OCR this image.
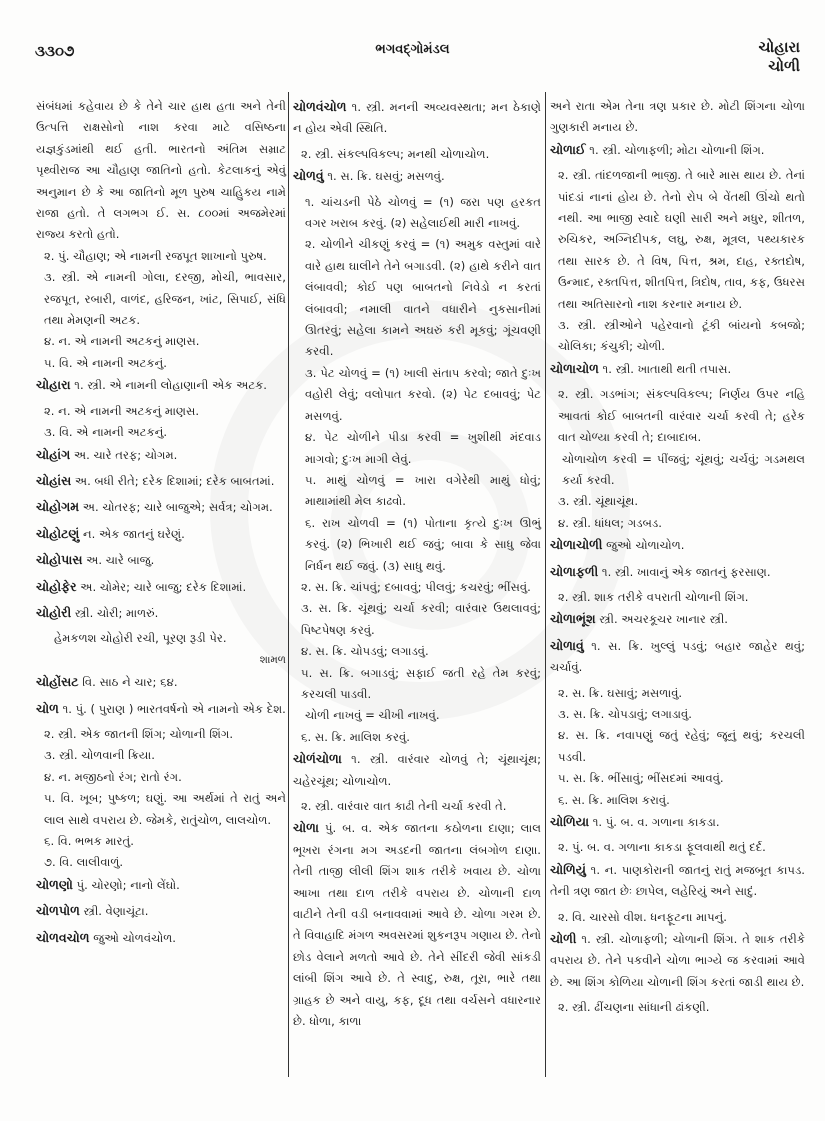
૩૩૦૭	ભગવદ્ગોમંડલ	ચોહારા
ચોળી

સંબંધમાં કહેવાય છે કે તેને ચાર હાથ હતા અને તેની ઉત્પત્તિ રાક્ષસોનો નાશ કરવા માટે વસિષ્ઠના યજ્ઞકુંડમાંથી થઈ હતી. ભારતનો અંતિમ સમ્રાટ પૃથ્વીરાજ આ ચૌહાણ જાતિનો હતો. કેટલાકનું એવું અનુમાન છે કે આ જાતિનો મૂળ પુરુષ ચાહિુકય નામે રાજા હતો. તે લગભગ ઈ. સ. ૮૦૦માં અજમેરમાં રાજ્ય કરતો હતો.

૨. પું. ચૌહાણ; એ નામની રજપૂત શાખાનો પુરુષ.

૩. સ્ત્રી. એ નામની ગોલા, દરજી, મોચી, ભાવસાર, રજપૂત, રબારી, વાળંદ, હરિજન, ખાંટ, સિપાઈ, સંધિ તથા મેમણની અટક.

૪. ન. એ નામની અટકનું માણસ.

૫. વિ. એ નામની અટકનું.

ચોહારા ૧. સ્ત્રી. એ નામની લોહાણાની એક અટક.

૨. ન. એ નામની અટકનું માણસ.

૩. વિ. એ નામની અટકનું.

ચોહાંગ અ. ચારે તરફ; ચોગમ.

ચોહાંસ અ. બધી રીતે; દરેક દિશામાં; દરેક બાબતમાં.

ચોહોગમ અ. ચોતરફ; ચારે બાજુએ; સર્વત્ર; ચોગમ.

ચોહોટણું ન. એક જાતનું ઘરેણું.

ચોહોપાસ અ. ચારે બાજુ.

ચોહોફેર અ. ચોમેર; ચારે બાજુ; દરેક દિશામાં.

ચોહોરી સ્ત્રી. ચોરી; માળરું.

હેમકળશ ચોહોરી રચી, પૂરણ રૂડી પેર.

શામળ

ચોહોંસટ વિ. સાઠ ને ચાર; ૬૪.

ચોળ ૧. પું. ( પુરાણ ) ભારતવર્ષનો એ નામનો એક દેશ.

૨. સ્ત્રી. એક જાતની શિંગ; ચોળાની શિંગ.

૩. સ્ત્રી. ચોળવાની ક્રિયા.

૪. ન. મજીઠનો રંગ; રાતો રંગ.

૫. વિ. ખૂબ; પુષ્કળ; ઘણું. આ અર્થમાં તે રાતું અને લાલ સાથે વપરાય છે. જેમકે, રાતુંચોળ, લાલચોળ.

૬. વિ. ભભક મારતું.

૭. વિ. લાલીવાળું.

ચોળણો પું. ચોરણો; નાનો લેંઘો.

ચોળપોળ સ્ત્રી. વેણાચૂંટા.

ચોળવચોળ જુઓ ચોળવંચોળ.

ચોળવંચોળ ૧. સ્ત્રી. મનની અવ્યવસ્થતા; મન ઠેકાણે ન હોય એવી સ્થિતિ.

૨. સ્ત્રી. સંકલ્પવિકલ્પ; મનથી ચોળાચોળ.

ચોળવું ૧. સ. ક્રિ. ઘસવું; મસળવું.

૧. ચાંચડની પેઠે ચોળવું = (૧) જરા પણ હરકત વગર ખરાબ કરવું. (૨) સહેલાઈથી મારી નાખવું.

૨. ચોળીને ચીકણું કરવું = (૧) અમુક વસ્તુમાં વારે વારે હાથ ઘાલીને તેને બગાડવી. (૨) હાથે કરીને વાત લંબાવવી; કોઈ પણ બાબતનો નિવેડો ન કરતાં લંબાવવી; નમાલી વાતને વધારીને નુકસાનીમાં ઊતરવું; સહેલા કામને અઘરું કરી મૂકવું; ગૂંચવણી કરવી.

૩. પેટ ચોળવું = (૧) ખાલી સંતાપ કરવો; જાતે દુઃખ વહોરી લેવું; વલોપાત કરવો. (૨) પેટ દબાવવું; પેટ મસળવું.

૪. પેટ ચોળીને પીડા કરવી = ખુશીથી મંદવાડ માગવો; દુઃખ માગી લેવું.

૫. માથું ચોળવું = ખારા વગેરેથી માથું ધોવું; માથામાંથી મેલ કાઢવો.

૬. રાખ ચોળવી = (૧) પોતાના કૃત્યે દુઃખ ઊભું કરવું. (૨) ભિખારી થઈ જવું; બાવા કે સાધુ જેવા નિર્ધન થઈ જવું. (૩) સાધુ થવું.

૨. સ. ક્રિ. ચાંપવું; દબાવવું; પીલવું; કચરવું; ભીંસવું.

૩. સ. ક્રિ. ચૂંથવું; ચર્ચા કરવી; વારંવાર ઉથલાવવું; પિષ્ટપેષણ કરવું.

૪. સ. ક્રિ. ચોપડવું; લગાડવું.

૫. સ. ક્રિ. બગાડવું; સફાઈ જતી રહે તેમ કરવું; કરચલી પાડવી.

ચોળી નાખવું = ચીખી નાખવું.

૬. સ. ક્રિ. માલિશ કરવું.

ચોળંચોળા ૧. સ્ત્રી. વારંવાર ચોળવું તે; ચૂંથાચૂંથ; ચહેરચૂંથ; ચોળાચોળ.

૨. સ્ત્રી. વારંવાર વાત કાઢી તેની ચર્ચા કરવી તે.

ચોળા પું. બ. વ. એક જાતના કઠોળના દાણા; લાલ ભૂખરા રંગના મગ અડદની જાતના લંબગોળ દાણા. તેની તાજી લીલી શિંગ શાક તરીકે ખવાય છે. ચોળા આખા તથા દાળ તરીકે વપરાય છે. ચોળાની દાળ વાટીને તેની વડી બનાવવામાં આવે છે. ચોળા ગરમ છે. તે વિવાહાદિ મંગળ અવસરમાં શુકનરૂપ ગણાય છે. તેનો છોડ વેલાને મળતો આવે છે. તેને સીંદરી જેવી સાંકડી લાંબી શિંગ આવે છે. તે સ્વાદુ, રુક્ષ, તૂરા, ભારે તથા ગ્રાહક છે અને વાયુ, કફ, દૂધ તથા વર્ચસને વધારનાર છે. ધોળા, કાળા

અને રાતા એમ તેના ત્રણ પ્રકાર છે. મોટી શિંગના ચોળા ગુણકારી મનાય છે.

ચોળાઈ ૧. સ્ત્રી. ચોળાફળી; મોટા ચોળાની શિંગ.

૨. સ્ત્રી. તાંદળજાની ભાજી. તે બારે માસ થાય છે. તેનાં પાંદડાં નાનાં હોય છે. તેનો રોપ બે વેંતથી ઊંચો થતો નથી. આ ભાજી સ્વાદે ઘણી સારી અને મધુર, શીતળ, રુચિકર, અગ્નિદીપક, લઘુ, રુક્ષ, મૂત્રલ, પથ્યકારક તથા સારક છે. તે વિષ, પિત્ત, શ્રમ, દાહ, રક્તદોષ, ઉન્માદ, રક્તપિત્ત, શીતપિત્ત, ત્રિદોષ, તાવ, કફ, ઉધરસ તથા અતિસારનો નાશ કરનાર મનાય છે.

૩. સ્ત્રી. સ્ત્રીઓને પહેરવાનો ટૂંકી બાંયનો કબજો; ચોલિકા; કંચુકી; ચોળી.

ચોળાચોળ ૧. સ્ત્રી. ખાતાથી થતી તપાસ.

૨. સ્ત્રી. ગડભાંગ; સંકલ્પવિકલ્પ; નિર્ણય ઉપર નહિ આવતાં કોઈ બાબતની વારંવાર ચર્ચા કરવી તે; હરેક વાત ચોળ્યા કરવી તે; દાબાદાબ.

ચોળાચોળ કરવી = પીંજવું; ચૂંથવું; ચર્ચવું; ગડમથલ કર્યા કરવી.

૩. સ્ત્રી. ચૂંથાચૂંથ.

૪. સ્ત્રી. ધાંધલ; ગડબડ.

ચોળાચોળી જુઓ ચોળાચોળ.

ચોળાફળી ૧. સ્ત્રી. ખાવાનું એક જાતનું ફરસાણ.

૨. સ્ત્રી. શાક તરીકે વપરાતી ચોળાની શિંગ.

ચોળાભૂંશ સ્ત્રી. અચરકૂચર ખાનાર સ્ત્રી.

ચોળાવું ૧. સ. ક્રિ. ખુલ્લું પડવું; બહાર જાહેર થવું; ચર્ચાવું.

૨. સ. ક્રિ. ઘસાવું; મસળાવું.

૩. સ. ક્રિ. ચોપડાવું; લગાડાવું.

૪. સ. ક્રિ. નવાપણું જતું રહેવું; જૂનું થવું; કરચલી પડવી.

૫. સ. ક્રિ. ભીંસાવું; ભીંસદમાં આવવું.

૬. સ. ક્રિ. માલિશ કરાવું.

ચોળિયા ૧. પું. બ. વ. ગળાના કાકડા.

૨. પું. બ. વ. ગળાના કાકડા ફૂલવાથી થતું દર્દ.

ચોળિયું ૧. ન. પાણકોરાની જાતનું રાતું મજબૂત કાપડ. તેની ત્રણ જાત છેઃ છાપેલ, લહેરિયું અને સાદું.

૨. વિ. ચારસો વીશ. ધનફૂટના માપનું.

ચોળી ૧. સ્ત્રી. ચોળાફળી; ચોળાની શિંગ. તે શાક તરીકે વપરાય છે. તેને પકવીને ચોળા ભાગ્યે જ કરવામાં આવે છે. આ શિંગ કોળિયા ચોળાની શિંગ કરતાં જાડી થાય છે.

૨. સ્ત્રી. ઢીંચણના સાંધાની ઢાંકણી.
